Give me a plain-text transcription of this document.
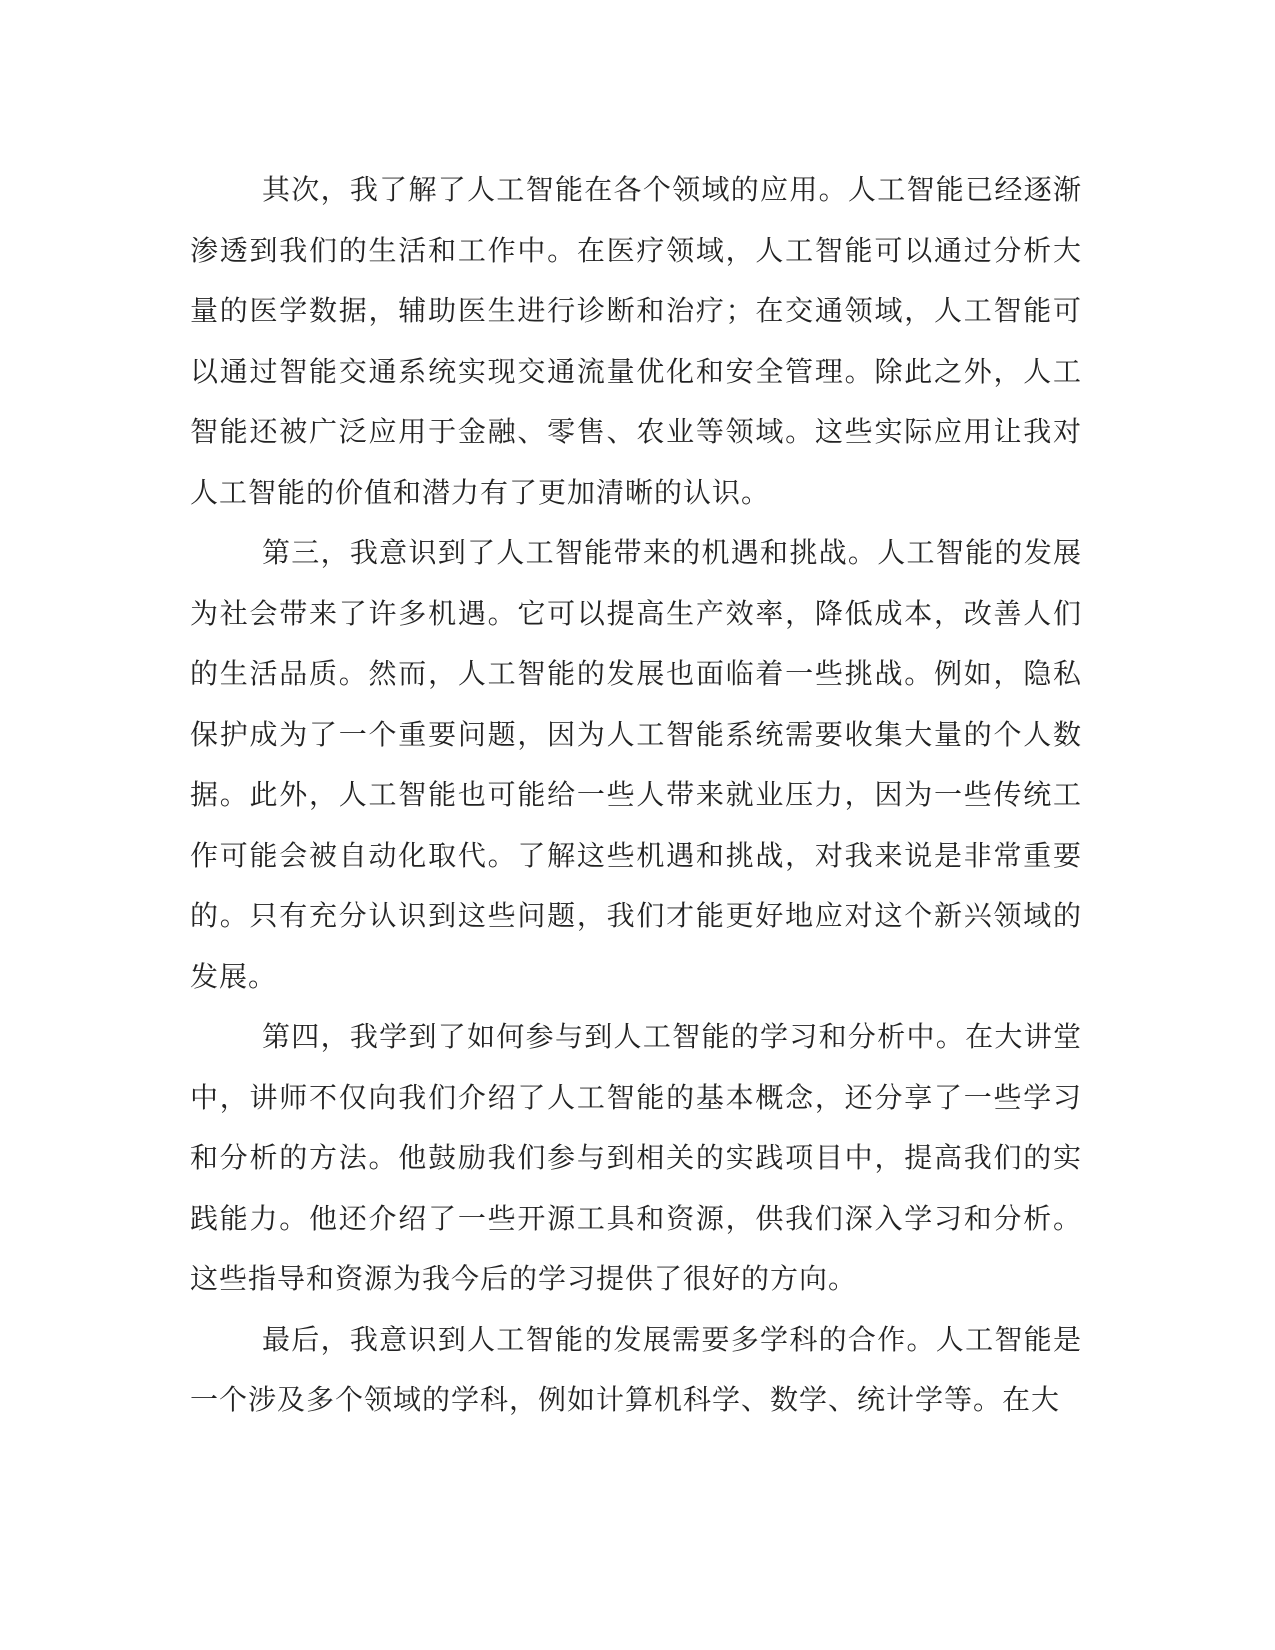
其次，我了解了人工智能在各个领域的应用。人工智能已经逐渐渗透到我们的生活和工作中。在医疗领域，人工智能可以通过分析大量的医学数据，辅助医生进行诊断和治疗；在交通领域，人工智能可以通过智能交通系统实现交通流量优化和安全管理。除此之外，人工智能还被广泛应用于金融、零售、农业等领域。这些实际应用让我对人工智能的价值和潜力有了更加清晰的认识。

第三，我意识到了人工智能带来的机遇和挑战。人工智能的发展为社会带来了许多机遇。它可以提高生产效率，降低成本，改善人们的生活品质。然而，人工智能的发展也面临着一些挑战。例如，隐私保护成为了一个重要问题，因为人工智能系统需要收集大量的个人数据。此外，人工智能也可能给一些人带来就业压力，因为一些传统工作可能会被自动化取代。了解这些机遇和挑战，对我来说是非常重要的。只有充分认识到这些问题，我们才能更好地应对这个新兴领域的发展。

第四，我学到了如何参与到人工智能的学习和分析中。在大讲堂中，讲师不仅向我们介绍了人工智能的基本概念，还分享了一些学习和分析的方法。他鼓励我们参与到相关的实践项目中，提高我们的实践能力。他还介绍了一些开源工具和资源，供我们深入学习和分析。这些指导和资源为我今后的学习提供了很好的方向。

最后，我意识到人工智能的发展需要多学科的合作。人工智能是一个涉及多个领域的学科，例如计算机科学、数学、统计学等。在大
